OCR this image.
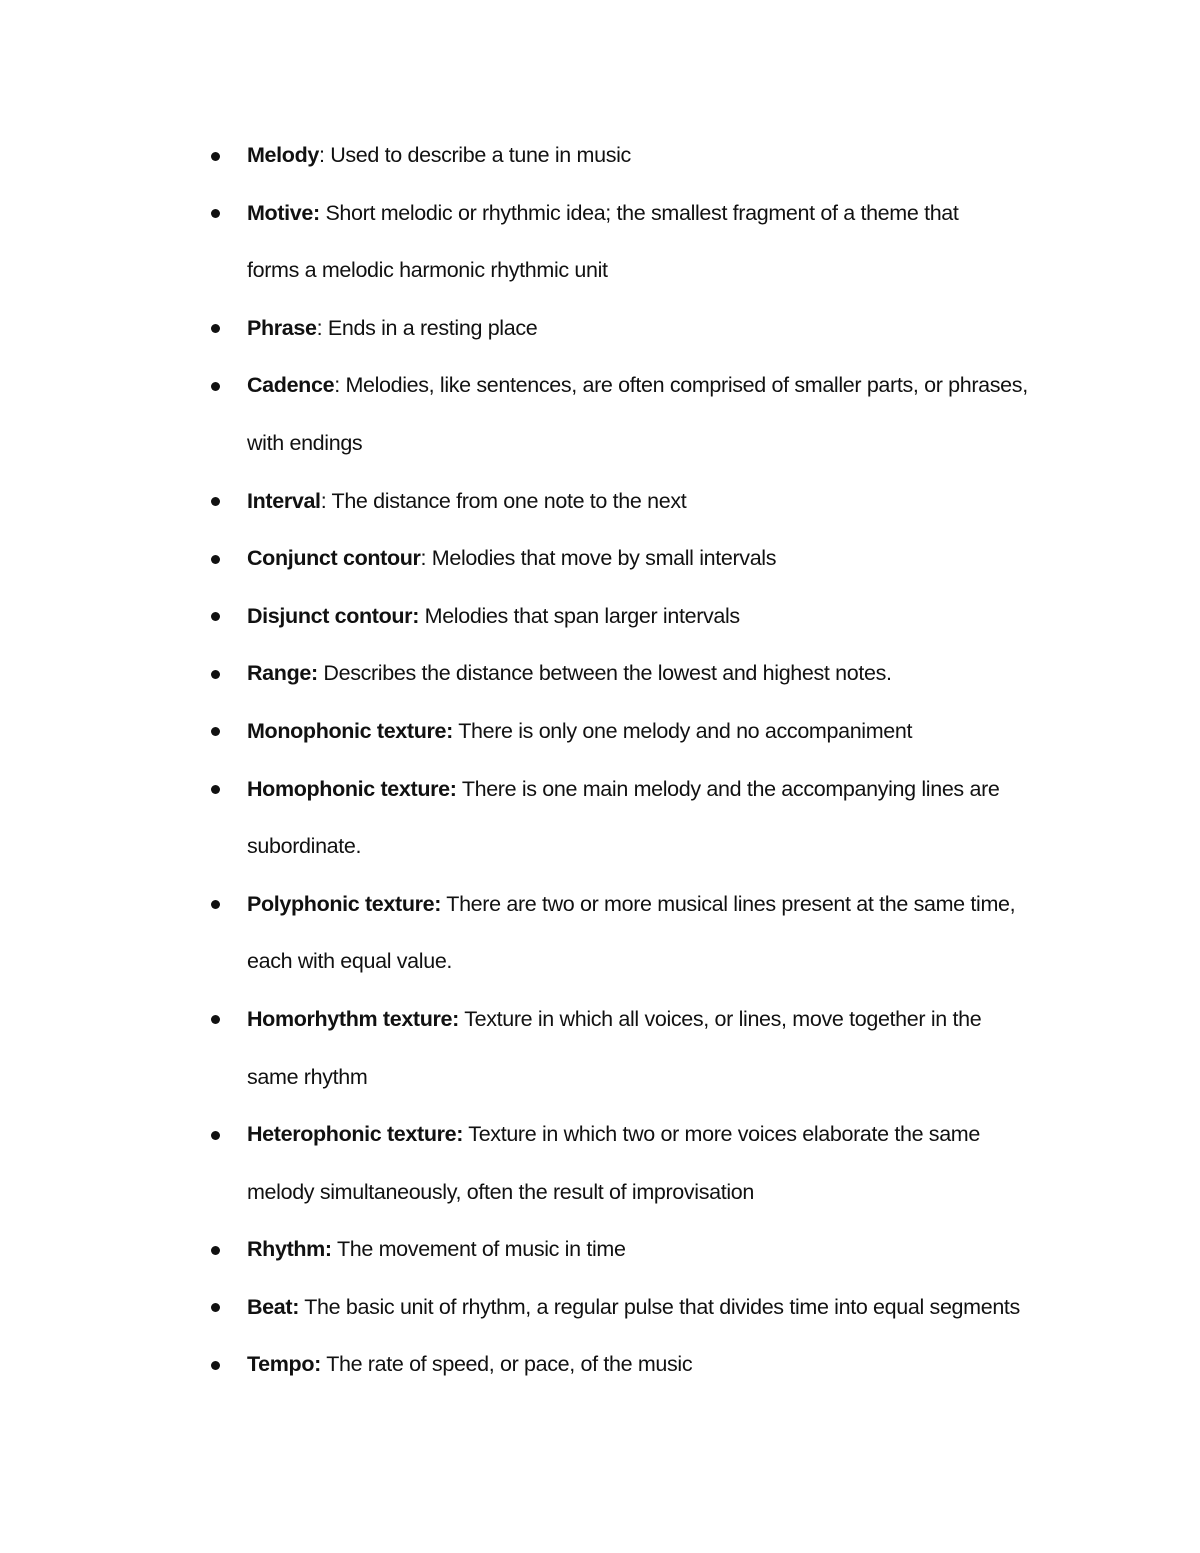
Melody: Used to describe a tune in music
Motive: Short melodic or rhythmic idea; the smallest fragment of a theme that
forms a melodic harmonic rhythmic unit
Phrase: Ends in a resting place
Cadence: Melodies, like sentences, are often comprised of smaller parts, or phrases,
with endings
Interval: The distance from one note to the next
Conjunct contour: Melodies that move by small intervals
Disjunct contour: Melodies that span larger intervals
Range: Describes the distance between the lowest and highest notes.
Monophonic texture: There is only one melody and no accompaniment
Homophonic texture: There is one main melody and the accompanying lines are
subordinate.
Polyphonic texture: There are two or more musical lines present at the same time,
each with equal value.
Homorhythm texture: Texture in which all voices, or lines, move together in the
same rhythm
Heterophonic texture: Texture in which two or more voices elaborate the same
melody simultaneously, often the result of improvisation
Rhythm: The movement of music in time
Beat: The basic unit of rhythm, a regular pulse that divides time into equal segments
Tempo: The rate of speed, or pace, of the music
